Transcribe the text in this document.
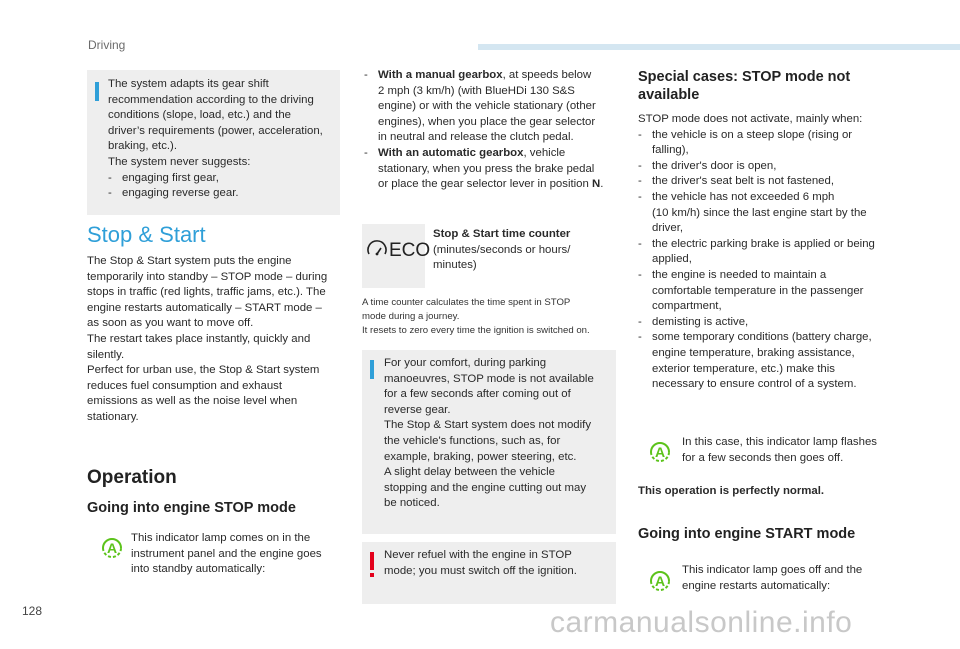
Driving
The system adapts its gear shift
recommendation according to the driving
conditions (slope, load, etc.) and the
driver’s requirements (power, acceleration,
braking, etc.).
The system never suggests:
- engaging first gear,
- engaging reverse gear.
Stop & Start
The Stop & Start system puts the engine
temporarily into standby – STOP mode – during
stops in traffic (red lights, traffic jams, etc.). The
engine restarts automatically – START mode –
as soon as you want to move off.
The restart takes place instantly, quickly and
silently.
Perfect for urban use, the Stop & Start system
reduces fuel consumption and exhaust
emissions as well as the noise level when
stationary.
Operation
Going into engine STOP mode
A
This indicator lamp comes on in the
instrument panel and the engine goes
into standby automatically:
- With a manual gearbox, at speeds below
2 mph (3 km/h) (with BlueHDi 130 S&S
engine) or with the vehicle stationary (other
engines), when you place the gear selector
in neutral and release the clutch pedal.
- With an automatic gearbox, vehicle
stationary, when you press the brake pedal
or place the gear selector lever in position N.
ECO
Stop & Start time counter
(minutes/seconds or hours/
minutes)
A time counter calculates the time spent in STOP
mode during a journey.
It resets to zero every time the ignition is switched on.
For your comfort, during parking
manoeuvres, STOP mode is not available
for a few seconds after coming out of
reverse gear.
The Stop & Start system does not modify
the vehicle's functions, such as, for
example, braking, power steering, etc.
A slight delay between the vehicle
stopping and the engine cutting out may
be noticed.
Never refuel with the engine in STOP
mode; you must switch off the ignition.
Special cases: STOP mode not
available
STOP mode does not activate, mainly when:
- the vehicle is on a steep slope (rising or
falling),
- the driver's door is open,
- the driver's seat belt is not fastened,
- the vehicle has not exceeded 6 mph
(10 km/h) since the last engine start by the
driver,
- the electric parking brake is applied or being
applied,
- the engine is needed to maintain a
comfortable temperature in the passenger
compartment,
- demisting is active,
- some temporary conditions (battery charge,
engine temperature, braking assistance,
exterior temperature, etc.) make this
necessary to ensure control of a system.
A
In this case, this indicator lamp flashes
for a few seconds then goes off.
This operation is perfectly normal.
Going into engine START mode
A
This indicator lamp goes off and the
engine restarts automatically:
128	carmanualsonline.info
